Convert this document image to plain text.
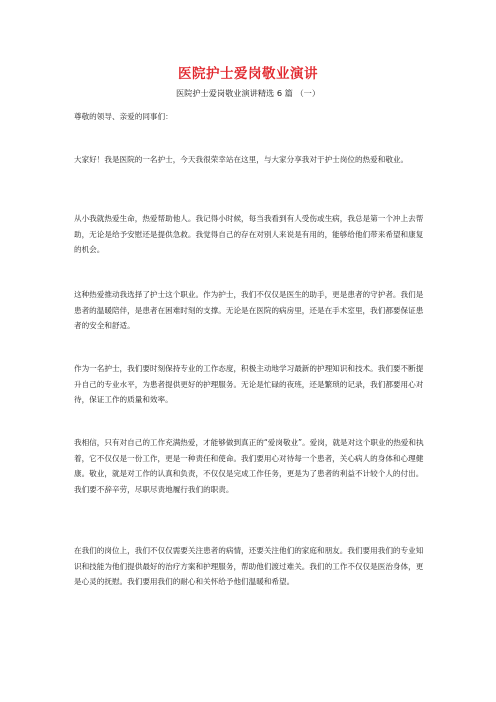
医院护士爱岗敬业演讲
医院护士爱岗敬业演讲精选 6 篇 （一）
尊敬的领导、亲爱的同事们：
大家好！我是医院的一名护士，今天我很荣幸站在这里，与大家分享我对于护士岗位的热爱和敬业。
从小我就热爱生命，热爱帮助他人。我记得小时候，每当我看到有人受伤或生病，我总是第一个冲上去帮助，无论是给予安慰还是提供急救。我觉得自己的存在对别人来说是有用的，能够给他们带来希望和康复的机会。
这种热爱推动我选择了护士这个职业。作为护士，我们不仅仅是医生的助手，更是患者的守护者。我们是患者的温暖陪伴，是患者在困难时刻的支撑。无论是在医院的病房里，还是在手术室里，我们都要保证患者的安全和舒适。
作为一名护士，我们要时刻保持专业的工作态度，积极主动地学习最新的护理知识和技术。我们要不断提升自己的专业水平，为患者提供更好的护理服务。无论是忙碌的夜班，还是繁琐的记录，我们都要用心对待，保证工作的质量和效率。
我相信，只有对自己的工作充满热爱，才能够做到真正的“爱岗敬业”。爱岗，就是对这个职业的热爱和执着，它不仅仅是一份工作，更是一种责任和使命。我们要用心对待每一个患者，关心病人的身体和心理健康。敬业，就是对工作的认真和负责，不仅仅是完成工作任务，更是为了患者的利益不计较个人的付出。我们要不辞辛劳，尽职尽责地履行我们的职责。
在我们的岗位上，我们不仅仅需要关注患者的病情，还要关注他们的家庭和朋友。我们要用我们的专业知识和技能为他们提供最好的治疗方案和护理服务，帮助他们渡过难关。我们的工作不仅仅是医治身体，更是心灵的抚慰。我们要用我们的耐心和关怀给予他们温暖和希望。
